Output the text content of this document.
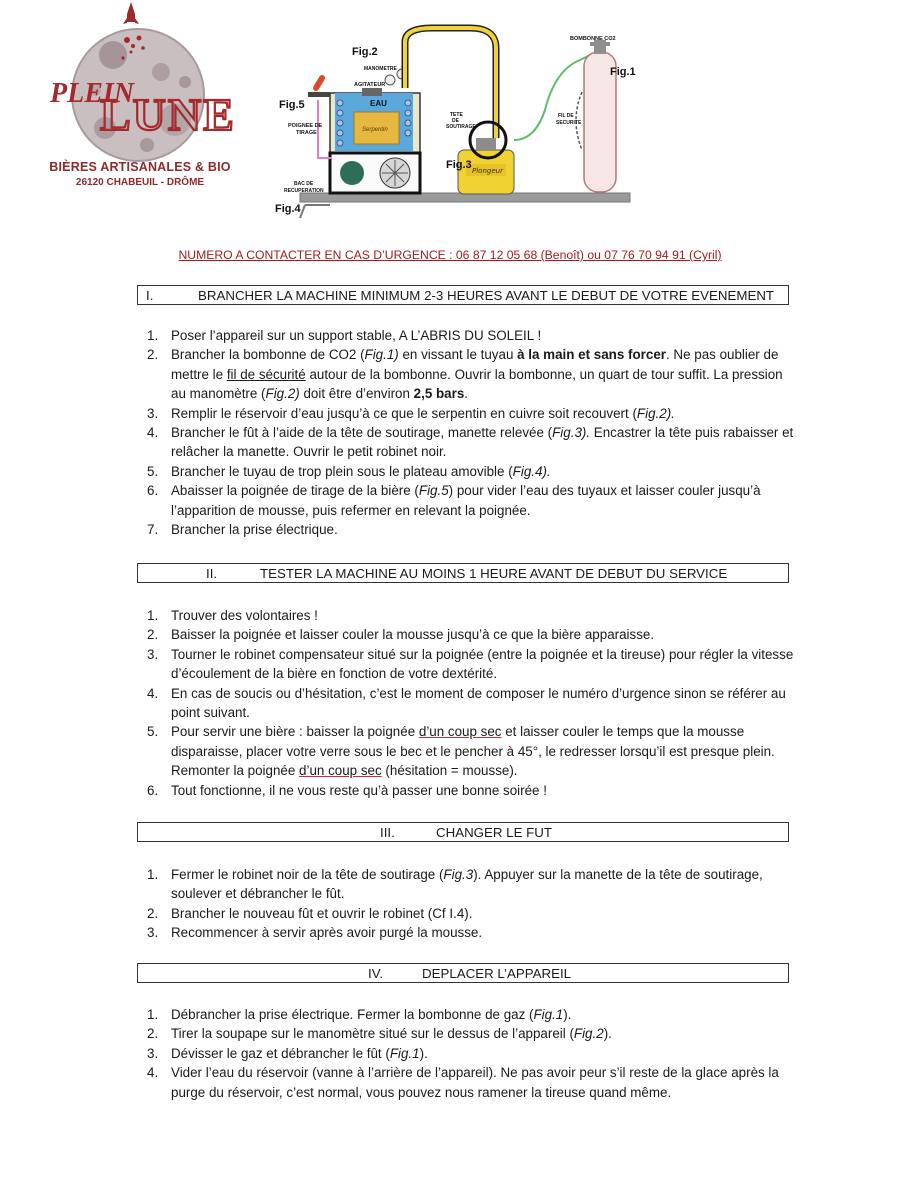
PLEIN
LUNE
BIÈRES ARTISANALES & BIO
26120 CHABEUIL - DRÔME
Plongeur
Fig.2
Fig.1
Fig.3
Fig.4
Fig.5
BOMBONNE CO2
MANOMETRE
AGITATEUR
EAU
Serpentin
POIGNEE DE
TIRAGE
TETE
DE
SOUTIRAGE
FIL DE
SECURITE
BAC DE
RECUPERATION
NUMERO A CONTACTER EN CAS D’URGENCE : 06 87 12 05 68 (Benoît) ou 07 76 70 94 91 (Cyril)
I.	BRANCHER LA MACHINE MINIMUM 2-3 HEURES AVANT LE DEBUT DE VOTRE EVENEMENT
1. Poser l’appareil sur un support stable, A L’ABRIS DU SOLEIL !
2. Brancher la bombonne de CO2 (Fig.1) en vissant le tuyau à la main et sans forcer. Ne pas oublier de mettre le fil de sécurité autour de la bombonne. Ouvrir la bombonne, un quart de tour suffit. La pression au manomètre (Fig.2) doit être d’environ 2,5 bars.
3. Remplir le réservoir d’eau jusqu’à ce que le serpentin en cuivre soit recouvert (Fig.2).
4. Brancher le fût à l’aide de la tête de soutirage, manette relevée (Fig.3). Encastrer la tête puis rabaisser et relâcher la manette. Ouvrir le petit robinet noir.
5. Brancher le tuyau de trop plein sous le plateau amovible (Fig.4).
6. Abaisser la poignée de tirage de la bière (Fig.5) pour vider l’eau des tuyaux et laisser couler jusqu’à l’apparition de mousse, puis refermer en relevant la poignée.
7. Brancher la prise électrique.
II.	TESTER LA MACHINE AU MOINS 1 HEURE AVANT DE DEBUT DU SERVICE
1. Trouver des volontaires !
2. Baisser la poignée et laisser couler la mousse jusqu’à ce que la bière apparaisse.
3. Tourner le robinet compensateur situé sur la poignée (entre la poignée et la tireuse) pour régler la vitesse d’écoulement de la bière en fonction de votre dextérité.
4. En cas de soucis ou d’hésitation, c’est le moment de composer le numéro d’urgence sinon se référer au point suivant.
5. Pour servir une bière : baisser la poignée d’un coup sec et laisser couler le temps que la mousse disparaisse, placer votre verre sous le bec et le pencher à 45°, le redresser lorsqu’il est presque plein. Remonter la poignée d’un coup sec (hésitation = mousse).
6. Tout fonctionne, il ne vous reste qu’à passer une bonne soirée !
III.	CHANGER LE FUT
1. Fermer le robinet noir de la tête de soutirage (Fig.3). Appuyer sur la manette de la tête de soutirage, soulever et débrancher le fût.
2. Brancher le nouveau fût et ouvrir le robinet (Cf I.4).
3. Recommencer à servir après avoir purgé la mousse.
IV.	DEPLACER L’APPAREIL
1. Débrancher la prise électrique. Fermer la bombonne de gaz (Fig.1).
2. Tirer la soupape sur le manomètre situé sur le dessus de l’appareil (Fig.2).
3. Dévisser le gaz et débrancher le fût (Fig.1).
4. Vider l’eau du réservoir (vanne à l’arrière de l’appareil). Ne pas avoir peur s’il reste de la glace après la purge du réservoir, c’est normal, vous pouvez nous ramener la tireuse quand même.
